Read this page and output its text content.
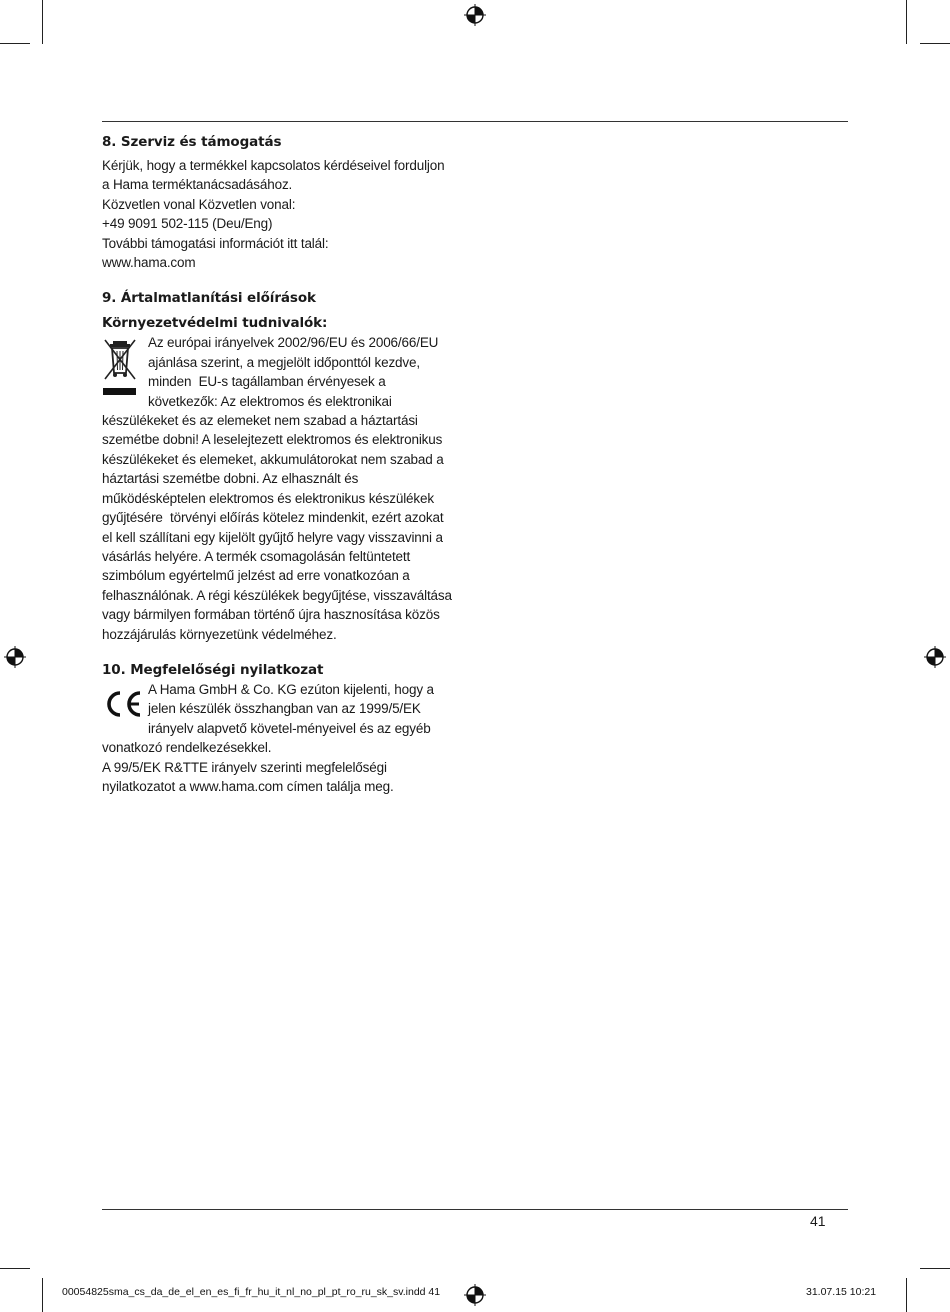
8. Szerviz és támogatás
Kérjük, hogy a termékkel kapcsolatos kérdéseivel forduljon
a Hama terméktanácsadásához.
Közvetlen vonal Közvetlen vonal:
+49 9091 502-115 (Deu/Eng)
További támogatási információt itt talál:
www.hama.com
9. Ártalmatlanítási előírások
Környezetvédelmi tudnivalók:
Az európai irányelvek 2002/96/EU és 2006/66/EU
ajánlása szerint, a megjelölt időponttól kezdve,
minden  EU-s tagállamban érvényesek a
következők: Az elektromos és elektronikai
készülékeket és az elemeket nem szabad a háztartási
szemétbe dobni! A leselejtezett elektromos és elektronikus
készülékeket és elemeket, akkumulátorokat nem szabad a
háztartási szemétbe dobni. Az elhasznált és
működésképtelen elektromos és elektronikus készülékek
gyűjtésére  törvényi előírás kötelez mindenkit, ezért azokat
el kell szállítani egy kijelölt gyűjtő helyre vagy visszavinni a
vásárlás helyére. A termék csomagolásán feltüntetett
szimbólum egyértelmű jelzést ad erre vonatkozóan a
felhasználónak. A régi készülékek begyűjtése, visszaváltása
vagy bármilyen formában történő újra hasznosítása közös
hozzájárulás környezetünk védelméhez.
10. Megfelelőségi nyilatkozat
A Hama GmbH & Co. KG ezúton kijelenti, hogy a
jelen készülék összhangban van az 1999/5/EK
irányelv alapvető követel-ményeivel és az egyéb
vonatkozó rendelkezésekkel.
A 99/5/EK R&TTE irányelv szerinti megfelelőségi
nyilatkozatot a www.hama.com címen találja meg.
41
00054825sma_cs_da_de_el_en_es_fi_fr_hu_it_nl_no_pl_pt_ro_ru_sk_sv.indd 41	31.07.15 10:21
